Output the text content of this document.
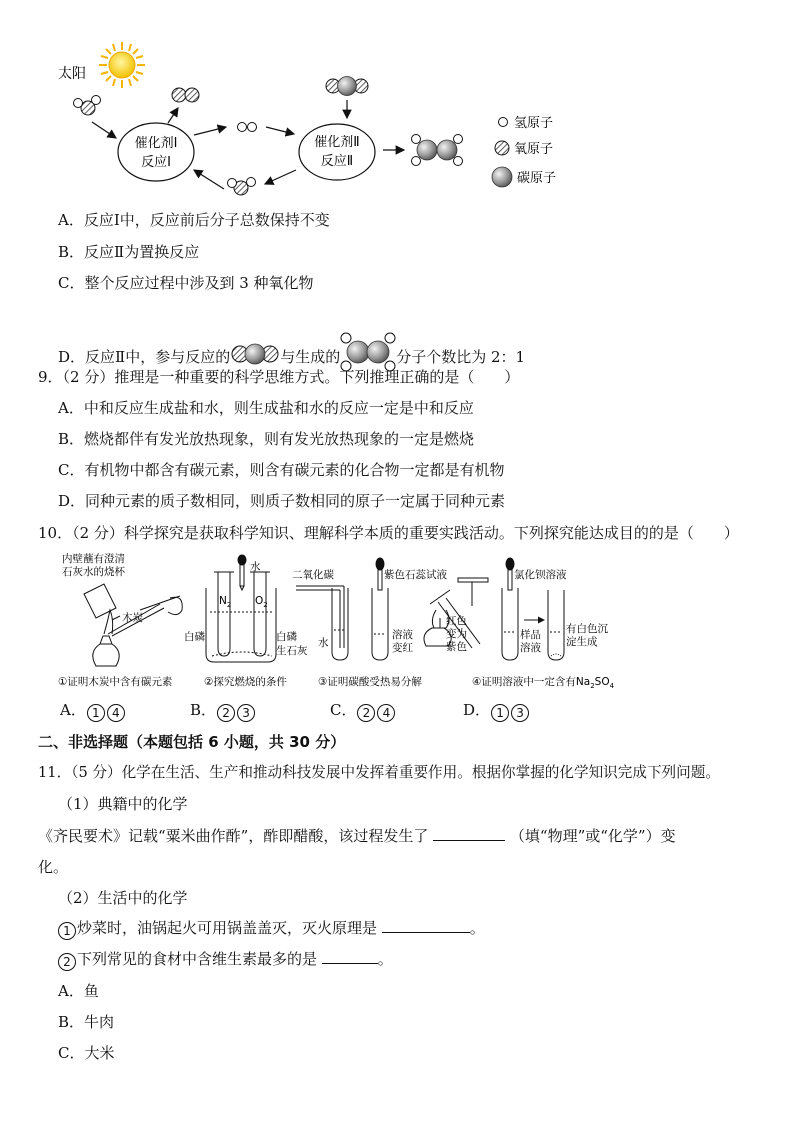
太阳
催化剂Ⅰ
反应Ⅰ
催化剂Ⅱ
反应Ⅱ
氢原子
氧原子
碳原子
A．反应Ⅰ中，反应前后分子总数保持不变
B．反应Ⅱ为置换反应
C．整个反应过程中涉及到 3 种氧化物
D．反应Ⅱ中，参与反应的	与生成的	分子个数比为 2：1
9．（2 分）推理是一种重要的科学思维方式。下列推理正确的是（　　）
A．中和反应生成盐和水，则生成盐和水的反应一定是中和反应
B．燃烧都伴有发光放热现象，则有发光放热现象的一定是燃烧
C．有机物中都含有碳元素，则含有碳元素的化合物一定都是有机物
D．同种元素的质子数相同，则质子数相同的原子一定属于同种元素
10．（2 分）科学探究是获取科学知识、理解科学本质的重要实践活动。下列探究能达成目的的是（　　）
内壁蘸有澄清
石灰水的烧杯
木炭
水
$N_2$ $O_2$
白磷	白磷
生石灰
二氧化碳	紫色石蕊试液
水
溶液
变红
红色
变为
紫色
氯化钡溶液
样品
溶液
有白色沉
淀生成
①证明木炭中含有碳元素	②探究燃烧的条件	③证明碳酸受热易分解	④证明溶液中一定含有$Na_2SO_4$
A． 1 4	B． 2 3	C． 2 4	D． 1 3
二、非选择题（本题包括 6 小题，共 30 分）
11．（5 分）化学在生活、生产和推动科技发展中发挥着重要作用。根据你掌握的化学知识完成下列问题。
（1）典籍中的化学
《齐民要术》记载“粟米曲作酢”，酢即醋酸，该过程发生了	（填“物理”或“化学”）变
化。
（2）生活中的化学
1 炒菜时，油锅起火可用锅盖盖灭，灭火原理是	。
2 下列常见的食材中含维生素最多的是	。
A．鱼
B．牛肉
C．大米
